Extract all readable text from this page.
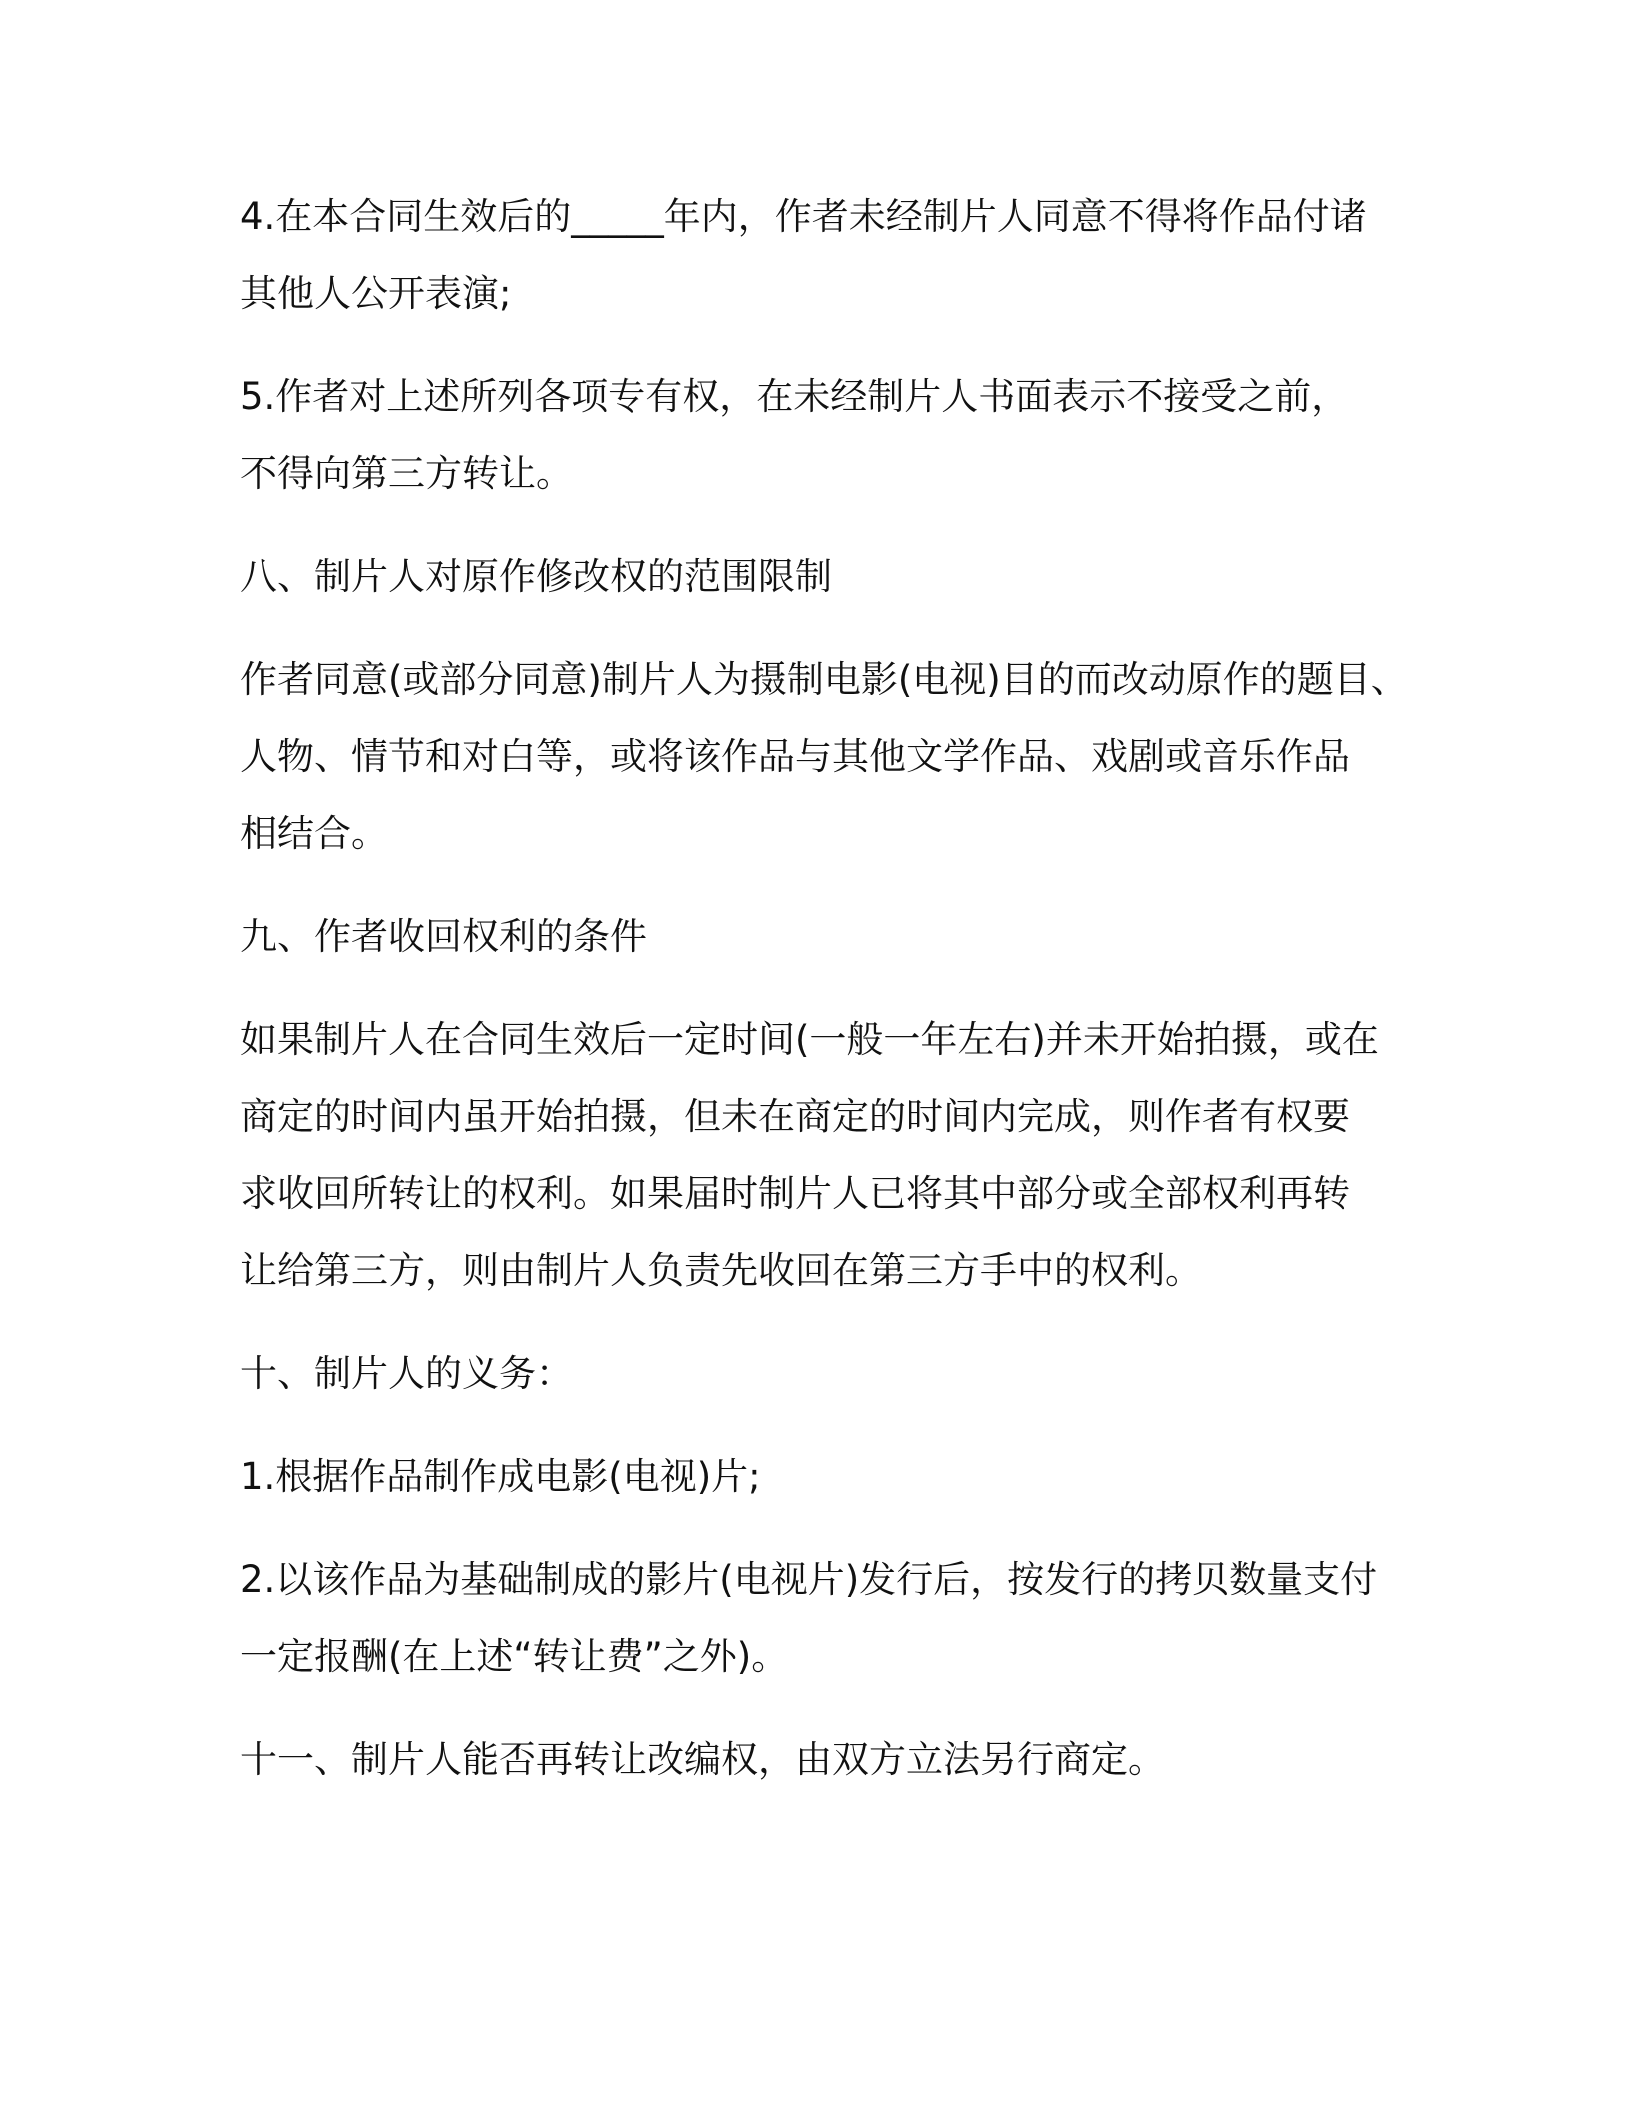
4.在本合同生效后的_____年内，作者未经制片人同意不得将作品付诸
其他人公开表演;

5.作者对上述所列各项专有权，在未经制片人书面表示不接受之前，
不得向第三方转让。

八、制片人对原作修改权的范围限制

作者同意(或部分同意)制片人为摄制电影(电视)目的而改动原作的题目、
人物、情节和对白等，或将该作品与其他文学作品、戏剧或音乐作品
相结合。

九、作者收回权利的条件

如果制片人在合同生效后一定时间(一般一年左右)并未开始拍摄，或在
商定的时间内虽开始拍摄，但未在商定的时间内完成，则作者有权要
求收回所转让的权利。如果届时制片人已将其中部分或全部权利再转
让给第三方，则由制片人负责先收回在第三方手中的权利。

十、制片人的义务：

1.根据作品制作成电影(电视)片;

2.以该作品为基础制成的影片(电视片)发行后，按发行的拷贝数量支付
一定报酬(在上述“转让费”之外)。

十一、制片人能否再转让改编权，由双方立法另行商定。
